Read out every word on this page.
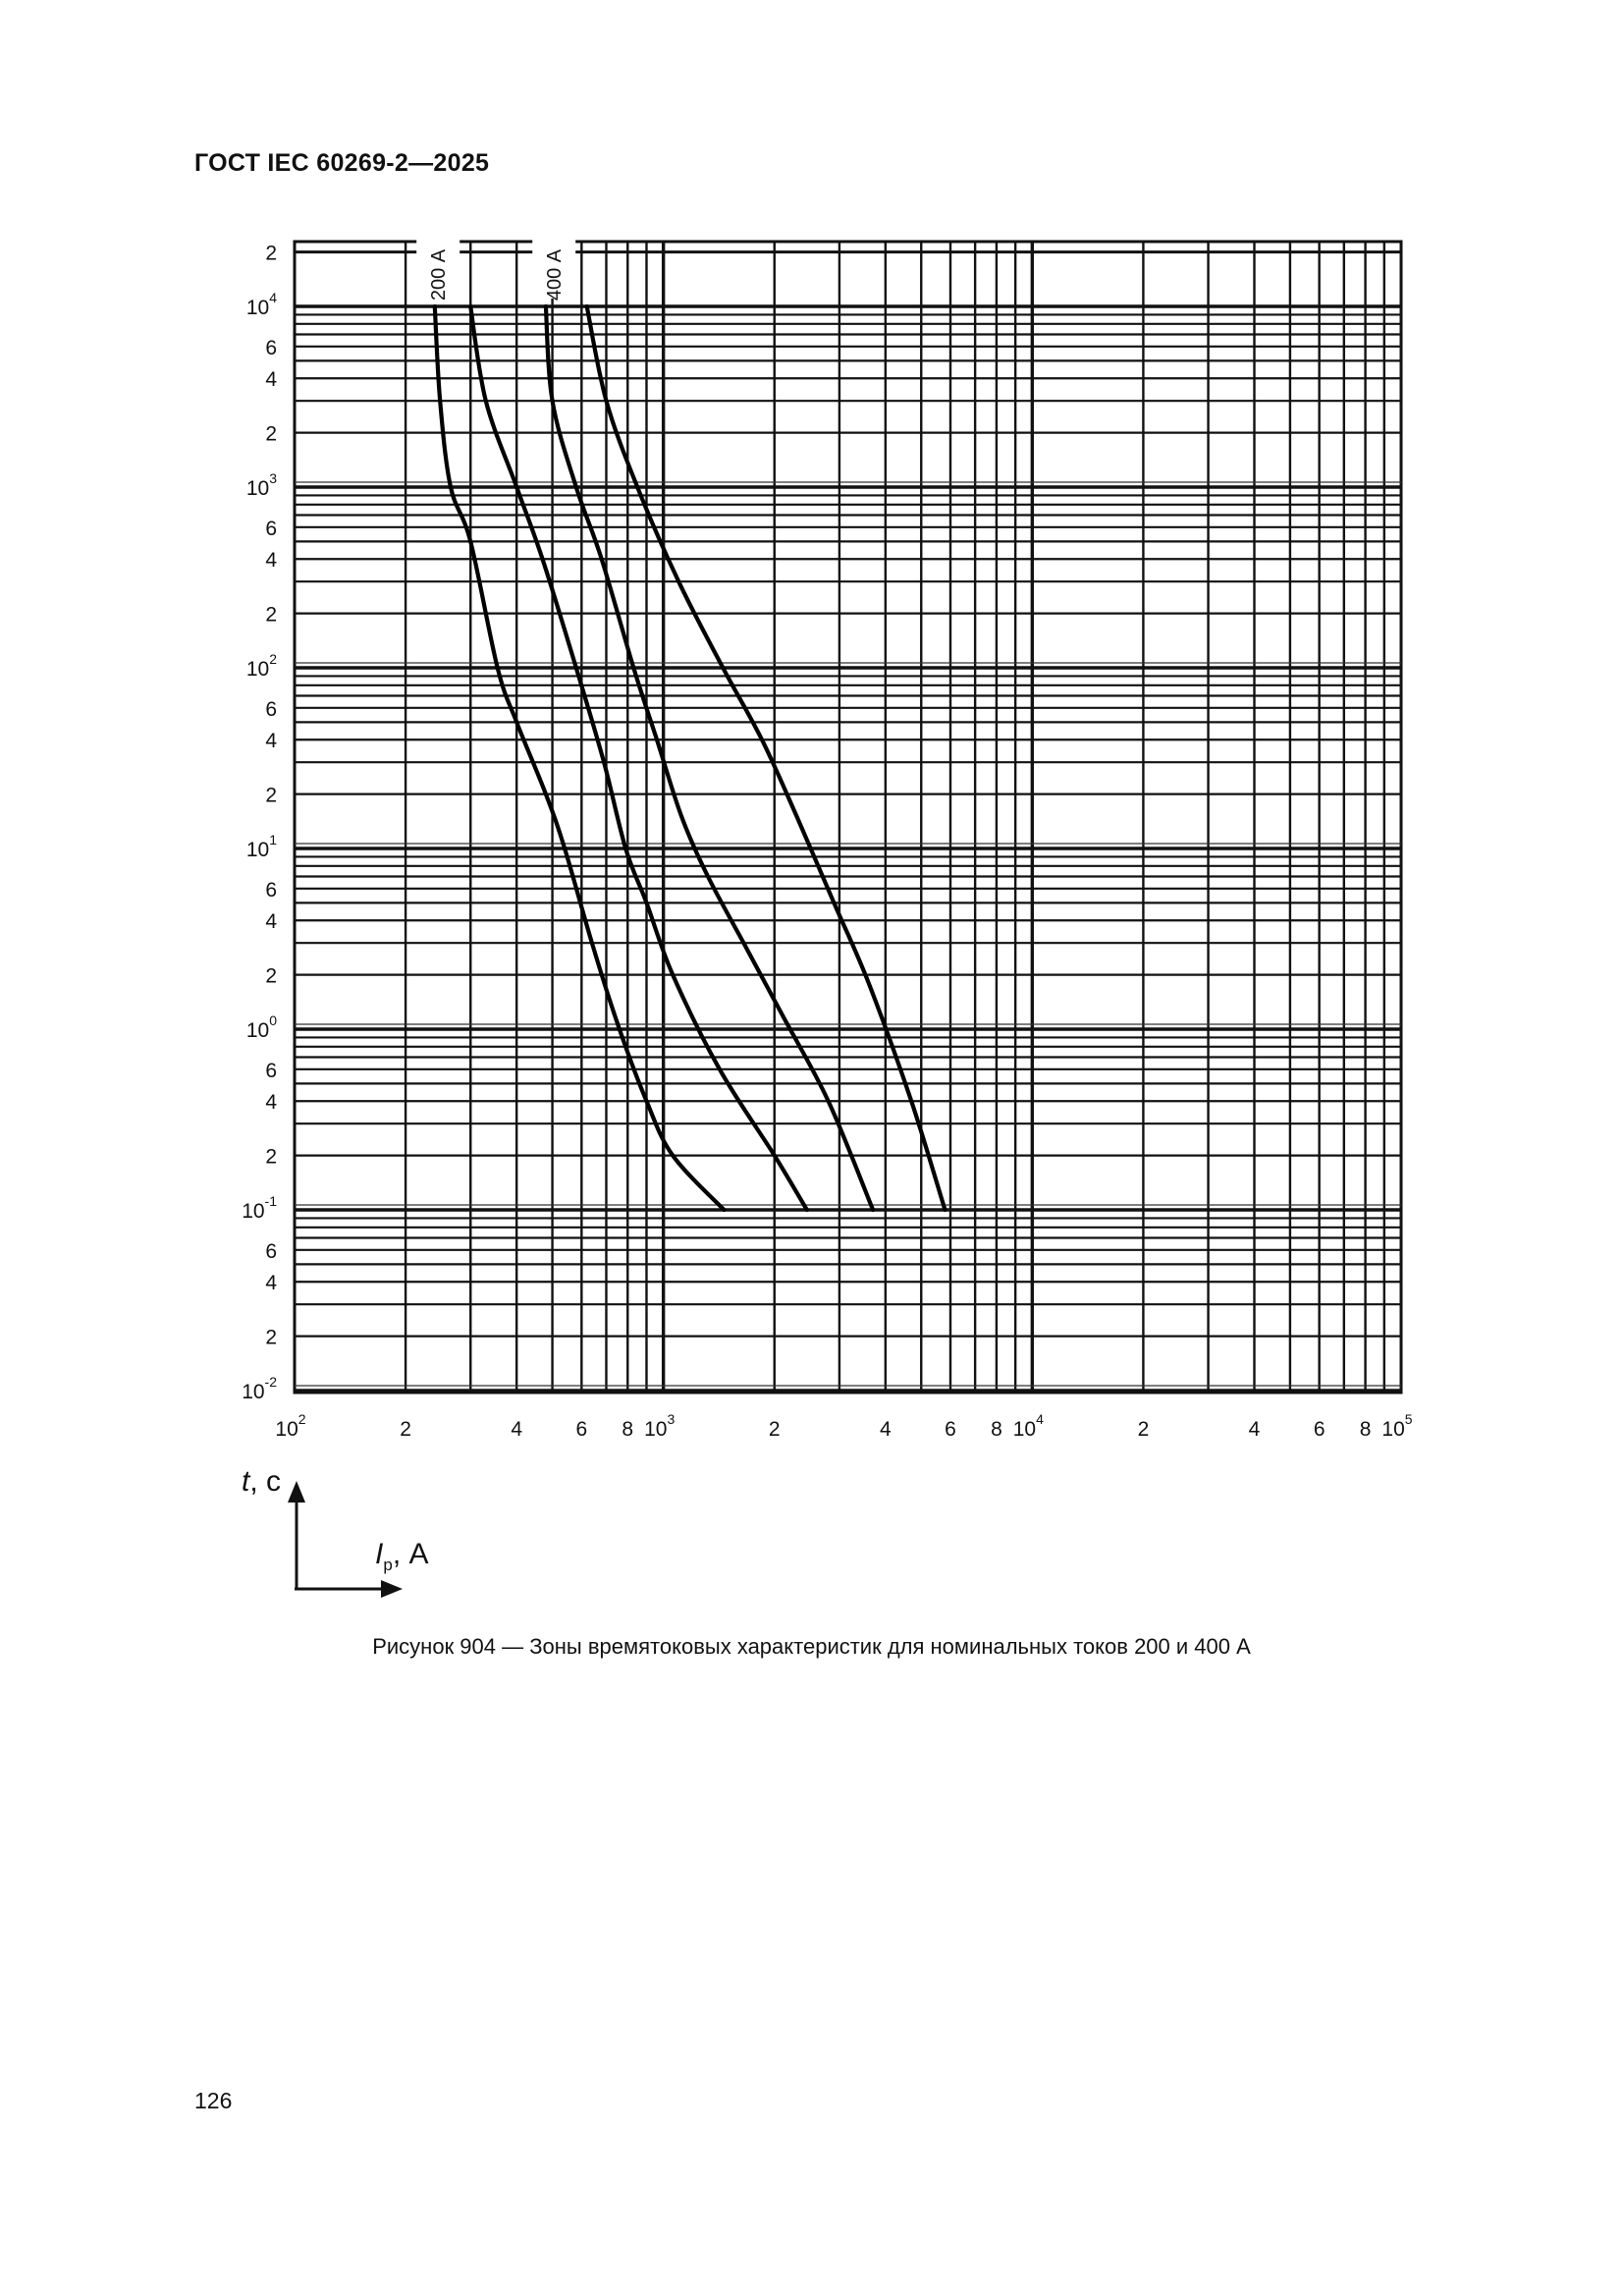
ГОСТ IEC 60269-2—2025
2
$10^4$
6
4
2
$10^3$
6
4
2
$10^2$
6
4
2
$10^1$
6
4
2
$10^0$
6
4
2
$10^{-1}$
6
4
2
$10^{-2}$
$10^2$	2	4	6 8 $10^3$	2	4	6 8 $10^4$	2	4	6 8 $10^5$
200 А	400 А
t, с
$I_p$, А
Рисунок 904 — Зоны времятоковых характеристик для номинальных токов 200 и 400 А
126
